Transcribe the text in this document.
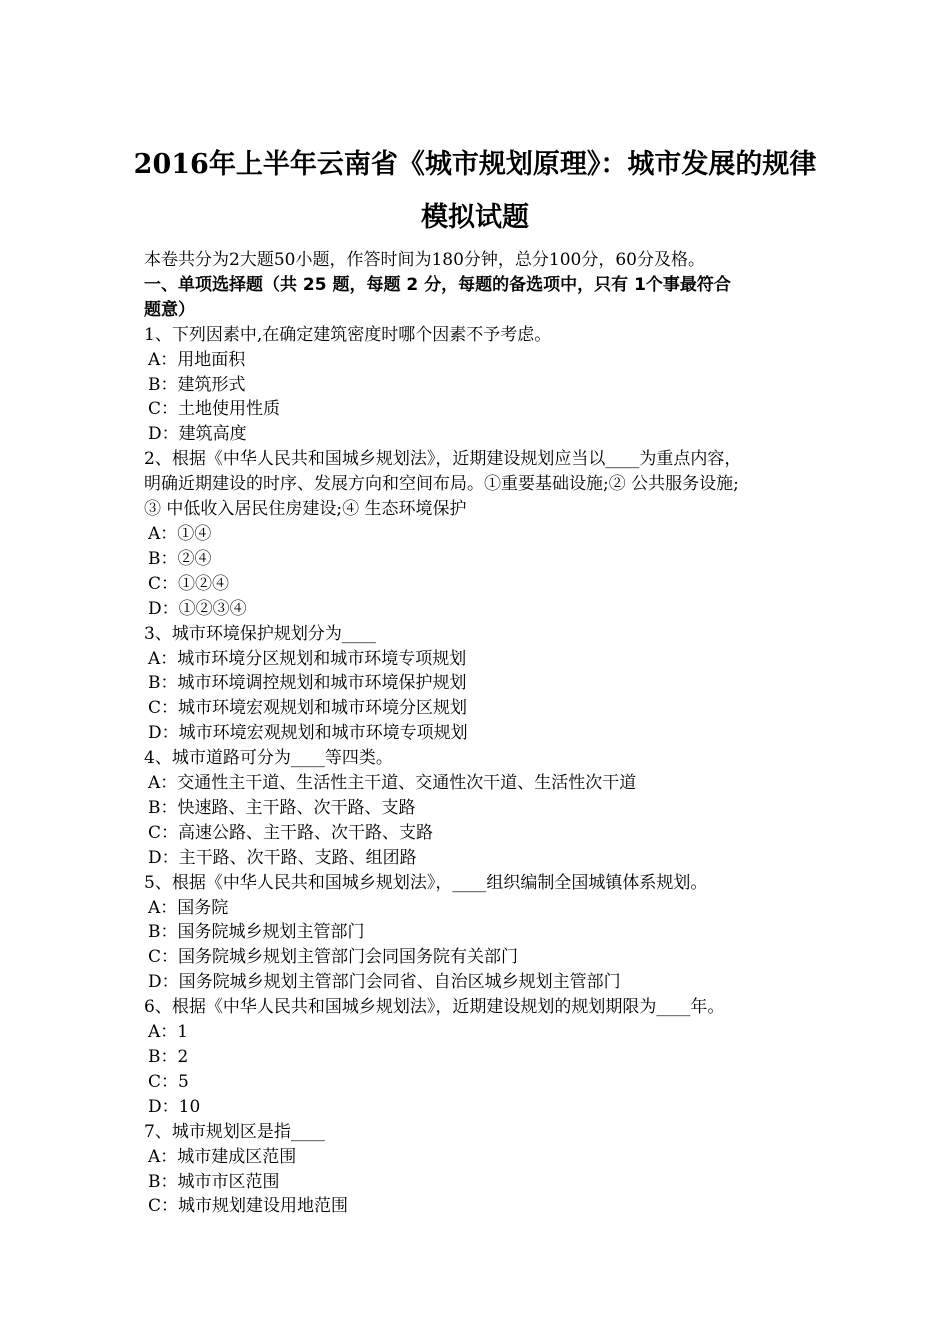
2016年上半年云南省《城市规划原理》：城市发展的规律
模拟试题
本卷共分为2大题50小题，作答时间为180分钟，总分100分，60分及格。
一、单项选择题（共 25 题，每题 2 分，每题的备选项中，只有 1个事最符合
题意）
1、下列因素中,在确定建筑密度时哪个因素不予考虑。
A：用地面积
B：建筑形式
C：土地使用性质
D：建筑高度
2、根据《中华人民共和国城乡规划法》，近期建设规划应当以____为重点内容，
明确近期建设的时序、发展方向和空间布局。①重要基础设施;② 公共服务设施;
③ 中低收入居民住房建设;④ 生态环境保护
A：①④
B：②④
C：①②④
D：①②③④
3、城市环境保护规划分为____
A：城市环境分区规划和城市环境专项规划
B：城市环境调控规划和城市环境保护规划
C：城市环境宏观规划和城市环境分区规划
D：城市环境宏观规划和城市环境专项规划
4、城市道路可分为____等四类。
A：交通性主干道、生活性主干道、交通性次干道、生活性次干道
B：快速路、主干路、次干路、支路
C：高速公路、主干路、次干路、支路
D：主干路、次干路、支路、组团路
5、根据《中华人民共和国城乡规划法》，____组织编制全国城镇体系规划。
A：国务院
B：国务院城乡规划主管部门
C：国务院城乡规划主管部门会同国务院有关部门
D：国务院城乡规划主管部门会同省、自治区城乡规划主管部门
6、根据《中华人民共和国城乡规划法》，近期建设规划的规划期限为____年。
A：1
B：2
C：5
D：10
7、城市规划区是指____
A：城市建成区范围
B：城市市区范围
C：城市规划建设用地范围
